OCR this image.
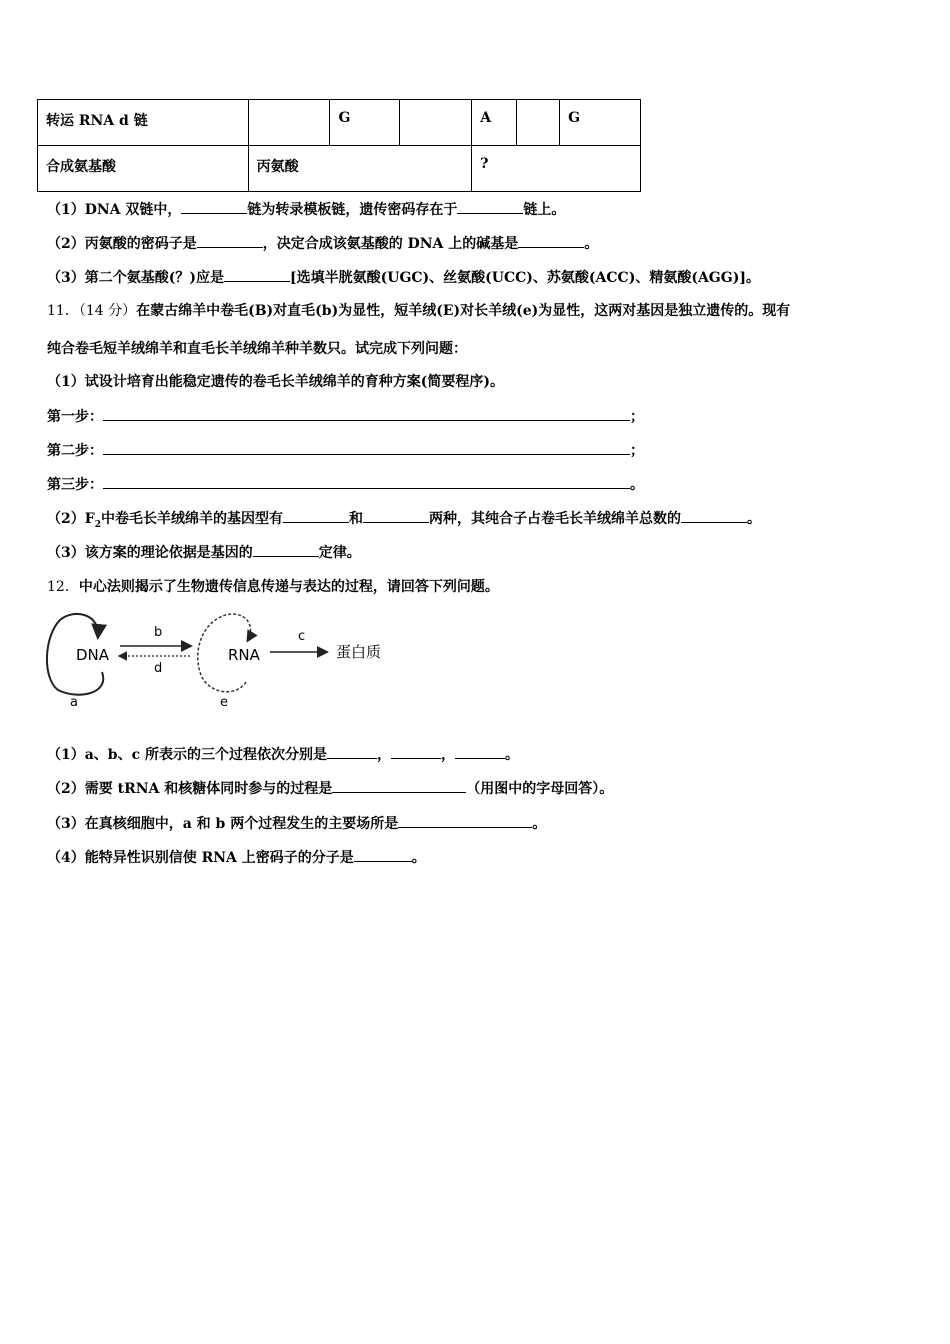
转运 RNA d 链		G		A		G
合成氨基酸	丙氨酸			?		
（1）DNA 双链中，	链为转录模板链，遗传密码存在于	链上。
（2）丙氨酸的密码子是	，决定合成该氨基酸的 DNA 上的碱基是	。
（3）第二个氨基酸(？)应是	[选填半胱氨酸(UGC)、丝氨酸(UCC)、苏氨酸(ACC)、精氨酸(AGG)]。
11．（14 分）在蒙古绵羊中卷毛(B)对直毛(b)为显性，短羊绒(E)对长羊绒(e)为显性，这两对基因是独立遗传的。现有
纯合卷毛短羊绒绵羊和直毛长羊绒绵羊种羊数只。试完成下列问题：
（1）试设计培育出能稳定遗传的卷毛长羊绒绵羊的育种方案(简要程序)。
第一步：	；
第二步：	；
第三步：	。
$(2)F_2$中卷毛长羊绒绵羊的基因型有	和	两种，其纯合子占卷毛长羊绒绵羊总数的	。
（3）该方案的理论依据是基因的	定律。
12．中心法则揭示了生物遗传信息传递与表达的过程，请回答下列问题。
DNA
a
b
d
RNA
e
c
蛋白质
（1）a、b、c 所表示的三个过程依次分别是	，	，	。
（2）需要 tRNA 和核糖体同时参与的过程是	（用图中的字母回答）。
（3）在真核细胞中，a 和 b 两个过程发生的主要场所是	。
（4）能特异性识别信使 RNA 上密码子的分子是	。
